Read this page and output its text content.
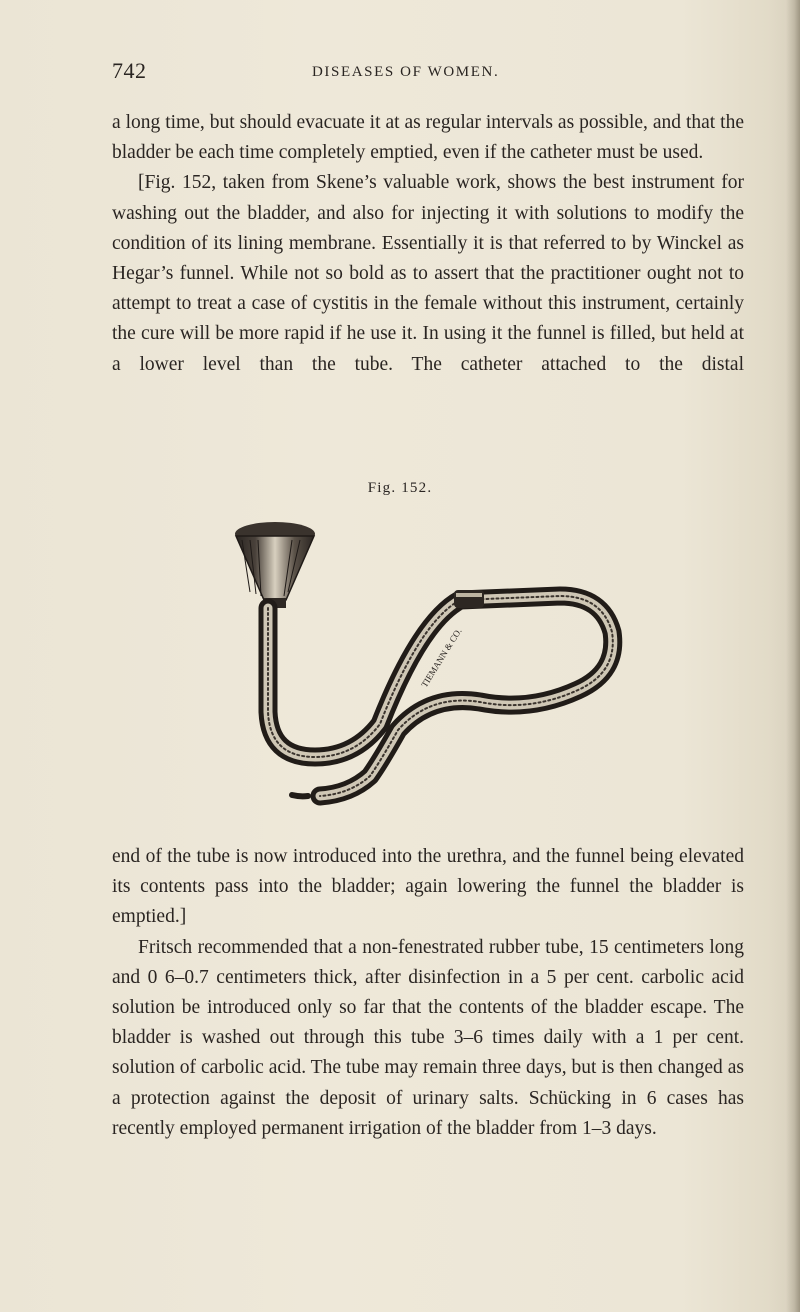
742	DISEASES OF WOMEN.

a long time, but should evacuate it at as regular intervals as possible, and that the bladder be each time completely emptied, even if the catheter must be used.

[Fig. 152, taken from Skene’s valuable work, shows the best instrument for washing out the bladder, and also for injecting it with solutions to modify the condition of its lining membrane. Essentially it is that referred to by Winckel as Hegar’s funnel. While not so bold as to assert that the practitioner ought not to attempt to treat a case of cystitis in the female without this instrument, certainly the cure will be more rapid if he use it. In using it the funnel is filled, but held at a lower level than the tube. The catheter attached to the distal

Fig. 152.
TIEMANN & CO.

end of the tube is now introduced into the urethra, and the funnel being elevated its contents pass into the bladder; again lowering the funnel the bladder is emptied.]

Fritsch recommended that a non-fenestrated rubber tube, 15 centimeters long and 0 6–0.7 centimeters thick, after disinfection in a 5 per cent. carbolic acid solution be introduced only so far that the contents of the bladder escape. The bladder is washed out through this tube 3–6 times daily with a 1 per cent. solution of carbolic acid. The tube may remain three days, but is then changed as a protection against the deposit of urinary salts. Schücking in 6 cases has recently employed permanent irrigation of the bladder from 1–3 days.
